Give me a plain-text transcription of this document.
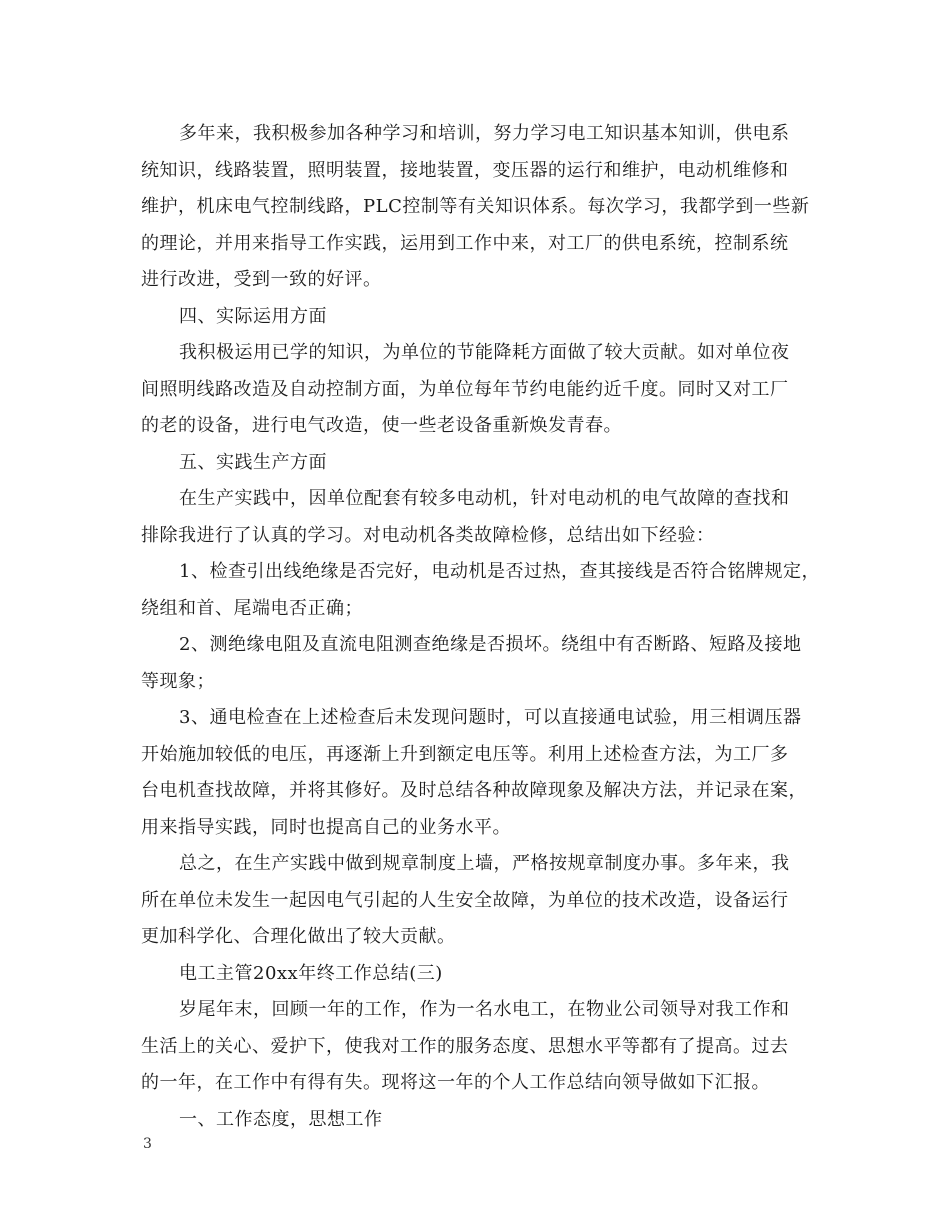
多年来，我积极参加各种学习和培训，努力学习电工知识基本知训，供电系
统知识，线路装置，照明装置，接地装置，变压器的运行和维护，电动机维修和
维护，机床电气控制线路，PLC控制等有关知识体系。每次学习，我都学到一些新
的理论，并用来指导工作实践，运用到工作中来，对工厂的供电系统，控制系统
进行改进，受到一致的好评。
四、实际运用方面
我积极运用已学的知识，为单位的节能降耗方面做了较大贡献。如对单位夜
间照明线路改造及自动控制方面，为单位每年节约电能约近千度。同时又对工厂
的老的设备，进行电气改造，使一些老设备重新焕发青春。
五、实践生产方面
在生产实践中，因单位配套有较多电动机，针对电动机的电气故障的查找和
排除我进行了认真的学习。对电动机各类故障检修，总结出如下经验：
1、检查引出线绝缘是否完好，电动机是否过热，查其接线是否符合铭牌规定，
绕组和首、尾端电否正确；
2、测绝缘电阻及直流电阻测查绝缘是否损坏。绕组中有否断路、短路及接地
等现象；
3、通电检查在上述检查后未发现问题时，可以直接通电试验，用三相调压器
开始施加较低的电压，再逐渐上升到额定电压等。利用上述检查方法，为工厂多
台电机查找故障，并将其修好。及时总结各种故障现象及解决方法，并记录在案，
用来指导实践，同时也提高自己的业务水平。
总之，在生产实践中做到规章制度上墙，严格按规章制度办事。多年来，我
所在单位未发生一起因电气引起的人生安全故障，为单位的技术改造，设备运行
更加科学化、合理化做出了较大贡献。
电工主管20xx年终工作总结(三)
岁尾年末，回顾一年的工作，作为一名水电工，在物业公司领导对我工作和
生活上的关心、爱护下，使我对工作的服务态度、思想水平等都有了提高。过去
的一年，在工作中有得有失。现将这一年的个人工作总结向领导做如下汇报。
一、工作态度，思想工作
3
